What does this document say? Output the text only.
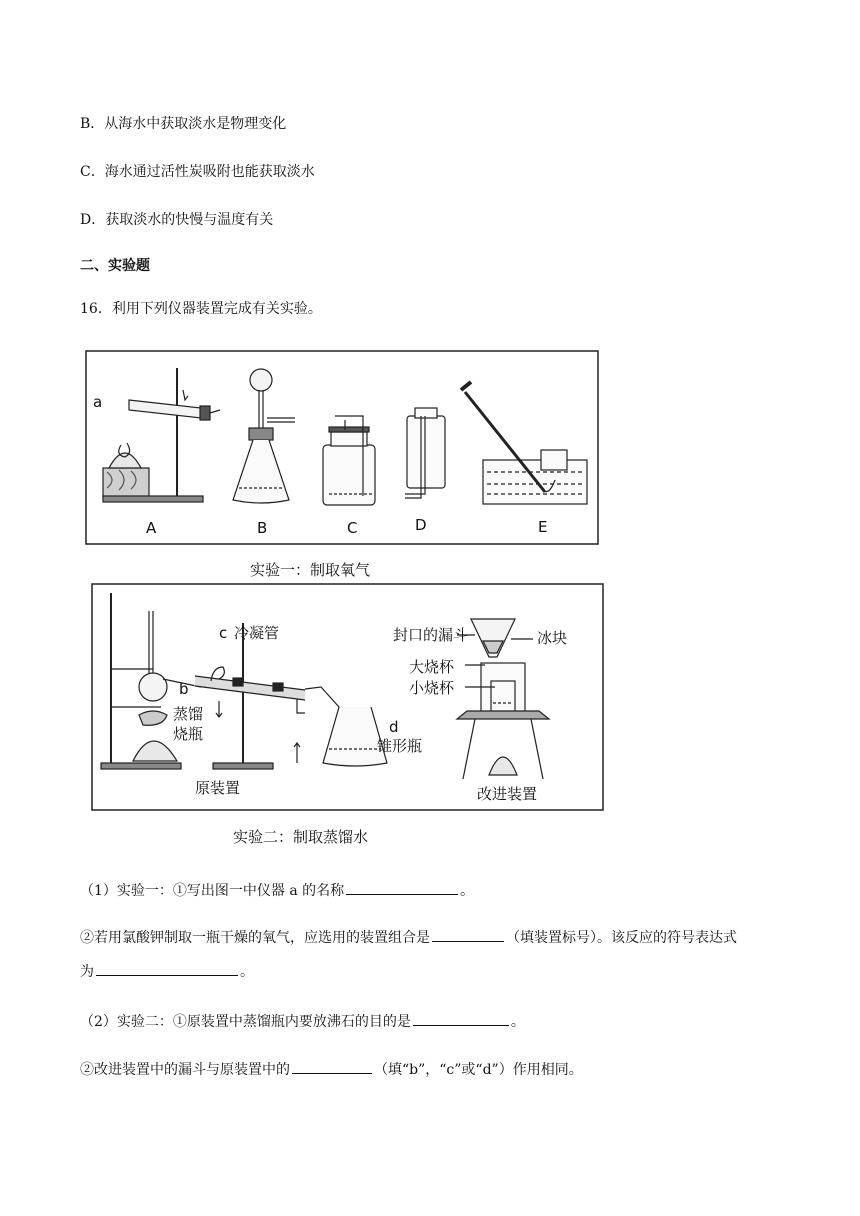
B．从海水中获取淡水是物理变化
C．海水通过活性炭吸附也能获取淡水
D．获取淡水的快慢与温度有关
二、实验题
16．利用下列仪器装置完成有关实验。
a
A	B	C	D	E
实验一：制取氧气
c 冷凝管
b
蒸馏
烧瓶	d
锥形瓶
原装置
封口的漏斗	冰块
大烧杯
小烧杯
改进装置
实验二：制取蒸馏水
（1）实验一：①写出图一中仪器 a 的名称	。
②若用氯酸钾制取一瓶干燥的氧气，应选用的装置组合是	（填装置标号）。该反应的符号表达式
为	。
（2）实验二：①原装置中蒸馏瓶内要放沸石的目的是	。
②改进装置中的漏斗与原装置中的	（填“b”，“c”或“d”）作用相同。
